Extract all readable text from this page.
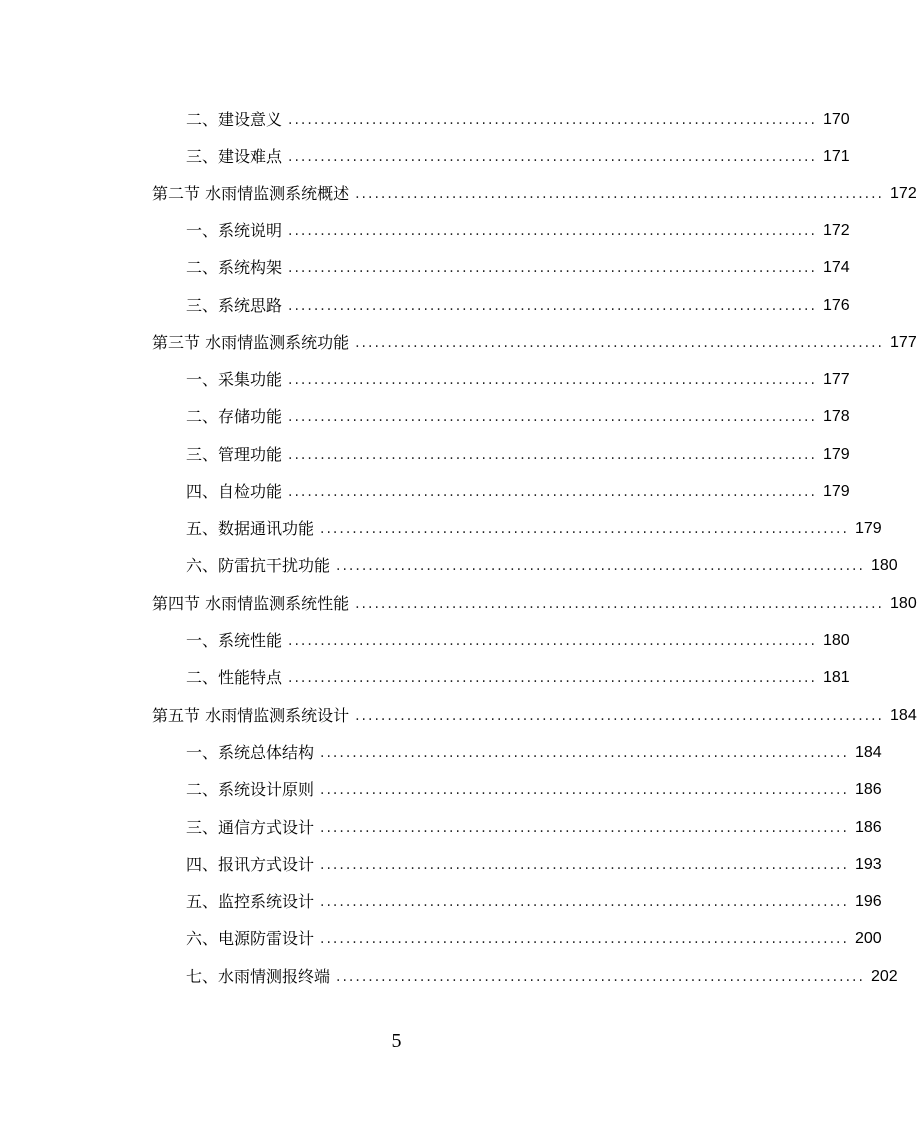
二、建设意义 .................................................................................. 170
三、建设难点 .................................................................................. 171
第二节 水雨情监测系统概述 .................................................................................. 172
一、系统说明 .................................................................................. 172
二、系统构架 .................................................................................. 174
三、系统思路 .................................................................................. 176
第三节 水雨情监测系统功能 .................................................................................. 177
一、采集功能 .................................................................................. 177
二、存储功能 .................................................................................. 178
三、管理功能 .................................................................................. 179
四、自检功能 .................................................................................. 179
五、数据通讯功能 .................................................................................. 179
六、防雷抗干扰功能 .................................................................................. 180
第四节 水雨情监测系统性能 .................................................................................. 180
一、系统性能 .................................................................................. 180
二、性能特点 .................................................................................. 181
第五节 水雨情监测系统设计 .................................................................................. 184
一、系统总体结构 .................................................................................. 184
二、系统设计原则 .................................................................................. 186
三、通信方式设计 .................................................................................. 186
四、报讯方式设计 .................................................................................. 193
五、监控系统设计 .................................................................................. 196
六、电源防雷设计 .................................................................................. 200
七、水雨情测报终端 .................................................................................. 202
5
